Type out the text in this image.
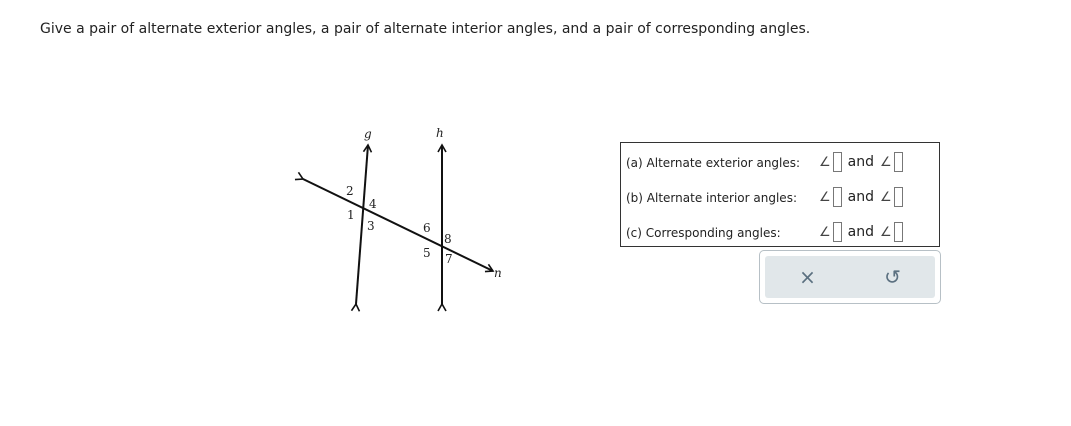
Give a pair of alternate exterior angles, a pair of alternate interior angles, and a pair of corresponding angles.
g	h
n
1
2
3
4
5
6
7
8
(a) Alternate exterior angles: ∠ and ∠
(b) Alternate interior angles: ∠ and ∠
(c) Corresponding angles:	∠ and ∠
×	↺
